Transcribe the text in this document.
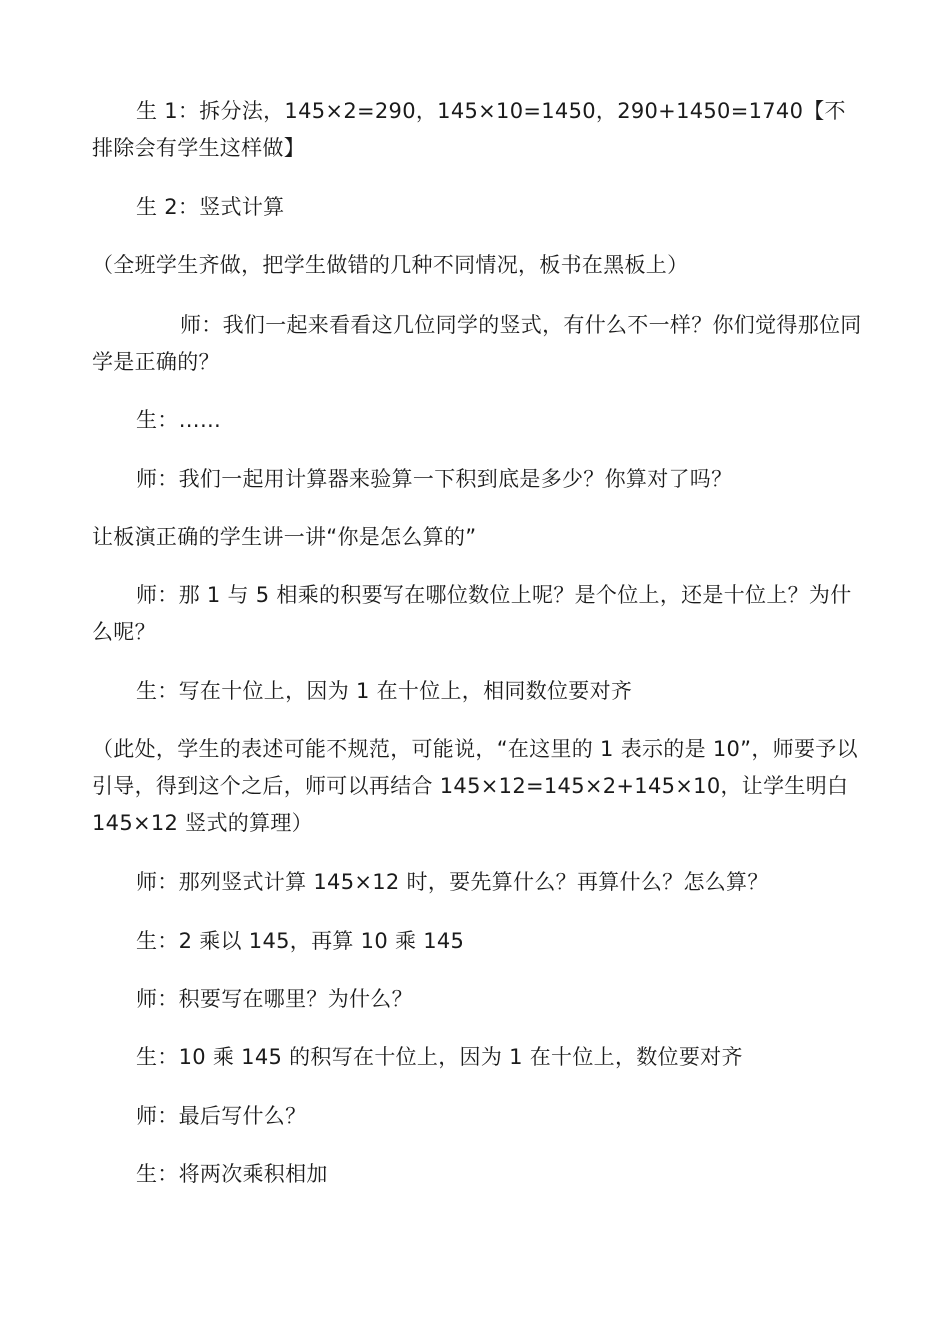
生 1：拆分法，145×2=290，145×10=1450，290+1450=1740【不排除会有学生这样做】

生 2：竖式计算

（全班学生齐做，把学生做错的几种不同情况，板书在黑板上）

师：我们一起来看看这几位同学的竖式，有什么不一样？你们觉得那位同学是正确的？

生：……

师：我们一起用计算器来验算一下积到底是多少？你算对了吗？

让板演正确的学生讲一讲“你是怎么算的”

师：那 1 与 5 相乘的积要写在哪位数位上呢？是个位上，还是十位上？为什么呢？

生：写在十位上，因为 1 在十位上，相同数位要对齐

（此处，学生的表述可能不规范，可能说，“在这里的 1 表示的是 10”，师要予以引导，得到这个之后，师可以再结合 145×12=145×2+145×10，让学生明白 145×12 竖式的算理）

师：那列竖式计算 145×12 时，要先算什么？再算什么？怎么算？

生：2 乘以 145，再算 10 乘 145

师：积要写在哪里？为什么？

生：10 乘 145 的积写在十位上，因为 1 在十位上，数位要对齐

师：最后写什么？

生：将两次乘积相加
